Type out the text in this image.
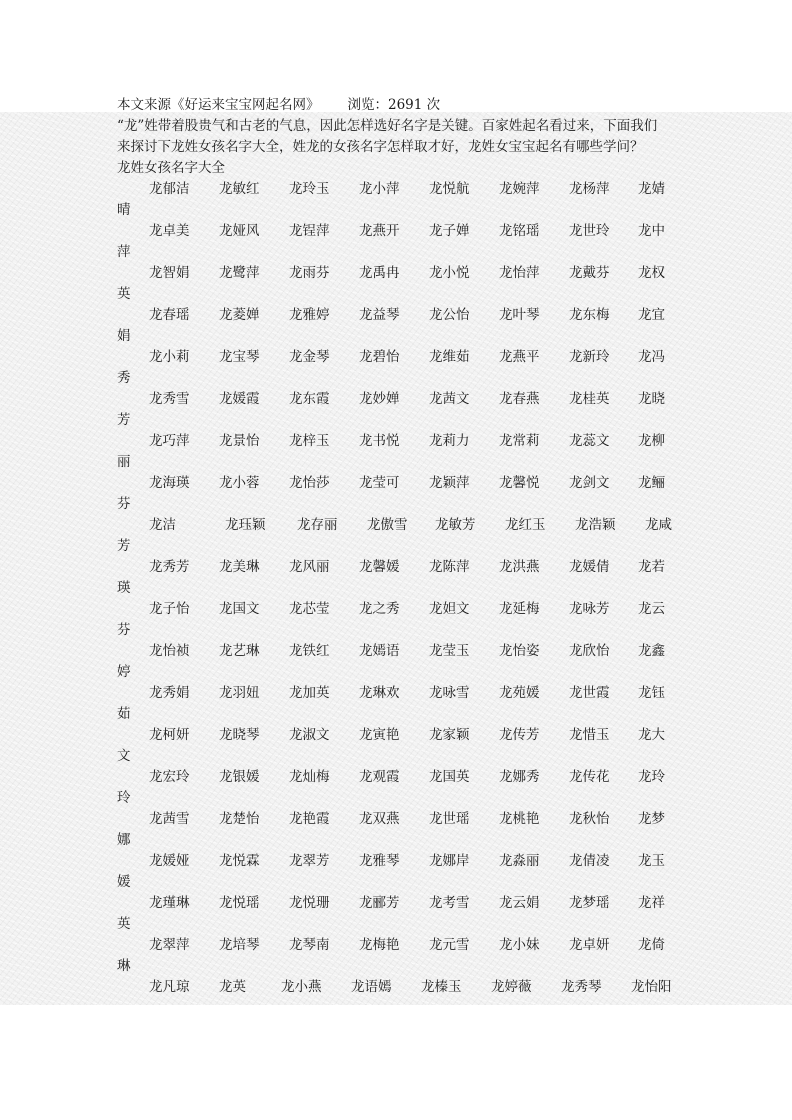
本文来源《好运来宝宝网起名网》 浏览：2691 次
“龙”姓带着股贵气和古老的气息，因此怎样选好名字是关键。百家姓起名看过来，下面我们来探讨下龙姓女孩名字大全，姓龙的女孩名字怎样取才好，龙姓女宝宝起名有哪些学问？
龙姓女孩名字大全
龙郁洁 龙敏红 龙玲玉 龙小萍 龙悦航 龙婉萍 龙杨萍 龙婧
晴
龙卓美 龙娅风 龙锃萍 龙燕开 龙子婵 龙铭瑶 龙世玲 龙中
萍
龙智娟 龙鹭萍 龙雨芬 龙禹冉 龙小悦 龙怡萍 龙戴芬 龙权
英
龙春瑶 龙菱婵 龙雅婷 龙益琴 龙公怡 龙叶琴 龙东梅 龙宜
娟
龙小莉 龙宝琴 龙金琴 龙碧怡 龙维茹 龙燕平 龙新玲 龙冯
秀
龙秀雪 龙媛霞 龙东霞 龙妙婵 龙茜文 龙春燕 龙桂英 龙晓
芳
龙巧萍 龙景怡 龙梓玉 龙书悦 龙莉力 龙常莉 龙蕊文 龙柳
丽
龙海瑛 龙小蓉 龙怡莎 龙莹可 龙颖萍 龙馨悦 龙剑文 龙鲡
芬
龙洁	龙珏颖 龙存丽 龙傲雪 龙敏芳 龙红玉 龙浩颖 龙咸
芳
龙秀芳 龙美琳 龙风丽 龙馨媛 龙陈萍 龙洪燕 龙媛倩 龙若
瑛
龙子怡 龙国文 龙芯莹 龙之秀 龙妲文 龙延梅 龙咏芳 龙云
芬
龙怡祯 龙艺琳 龙铁红 龙嫣语 龙莹玉 龙怡姿 龙欣怡 龙鑫
婷
龙秀娟 龙羽妞 龙加英 龙琳欢 龙咏雪 龙苑媛 龙世霞 龙钰
茹
龙柯妍 龙晓琴 龙淑文 龙寅艳 龙家颖 龙传芳 龙惜玉 龙大
文
龙宏玲 龙银媛 龙灿梅 龙观霞 龙国英 龙娜秀 龙传花 龙玲
玲
龙茜雪 龙楚怡 龙艳霞 龙双燕 龙世瑶 龙桃艳 龙秋怡 龙梦
娜
龙媛娅 龙悦霖 龙翠芳 龙雅琴 龙娜岸 龙淼丽 龙倩凌 龙玉
媛
龙瑾琳 龙悦瑶 龙悦珊 龙郦芳 龙考雪 龙云娟 龙梦瑶 龙祥
英
龙翠萍 龙培琴 龙琴南 龙梅艳 龙元雪 龙小妹 龙卓妍 龙倚
琳
龙凡琼 龙英	龙小燕 龙语嫣 龙榛玉 龙婷薇 龙秀琴 龙怡阳
